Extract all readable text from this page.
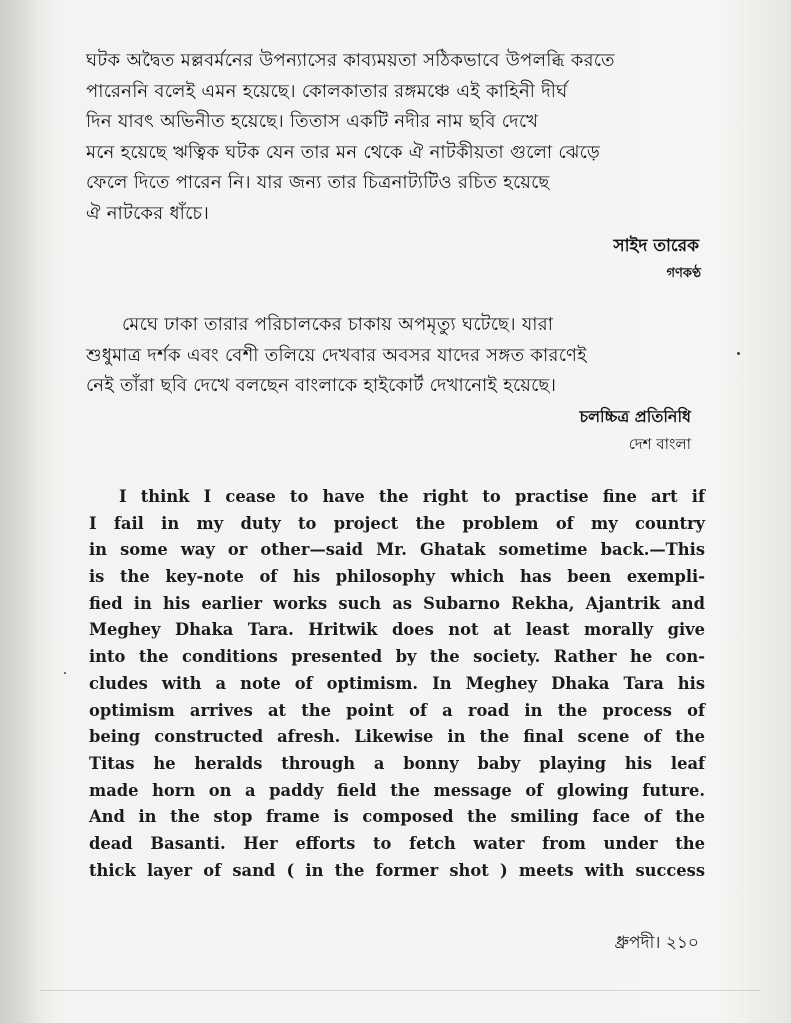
ঘটক অদ্বৈত মল্লবর্মনের উপন্যাসের কাব্যময়তা সঠিকভাবে উপলব্ধি করতে
পারেননি বলেই এমন হয়েছে। কোলকাতার রঙ্গমঞ্চে এই কাহিনী দীর্ঘ
দিন যাবৎ অভিনীত হয়েছে। তিতাস একটি নদীর নাম ছবি দেখে
মনে হয়েছে ঋত্বিক ঘটক যেন তার মন থেকে ঐ নাটকীয়তা গুলো ঝেড়ে
ফেলে দিতে পারেন নি। যার জন্য তার চিত্রনাট্যটিও রচিত হয়েছে
ঐ নাটকের ধাঁচে।
সাইদ তারেক
গণকণ্ঠ
মেঘে ঢাকা তারার পরিচালকের চাকায় অপমৃত্যু ঘটেছে। যারা
শুধুমাত্র দর্শক এবং বেশী তলিয়ে দেখবার অবসর যাদের সঙ্গত কারণেই
নেই তাঁরা ছবি দেখে বলছেন বাংলাকে হাইকোর্ট দেখানোই হয়েছে।
চলচ্চিত্র প্রতিনিধি
দেশ বাংলা
I think I cease to have the right to practise fine art if
I fail in my duty to project the problem of my country
in some way or other—said Mr. Ghatak sometime back.—This
is the key-note of his philosophy which has been exempli-
fied in his earlier works such as Subarno Rekha, Ajantrik and
Meghey Dhaka Tara. Hritwik does not at least morally give
into the conditions presented by the society. Rather he con-
cludes with a note of optimism. In Meghey Dhaka Tara his
optimism arrives at the point of a road in the process of
being constructed afresh. Likewise in the final scene of the
Titas he heralds through a bonny baby playing his leaf
made horn on a paddy field the message of glowing future.
And in the stop frame is composed the smiling face of the
dead Basanti. Her efforts to fetch water from under the
thick layer of sand ( in the former shot ) meets with success
ধ্রুপদী। ২১০
